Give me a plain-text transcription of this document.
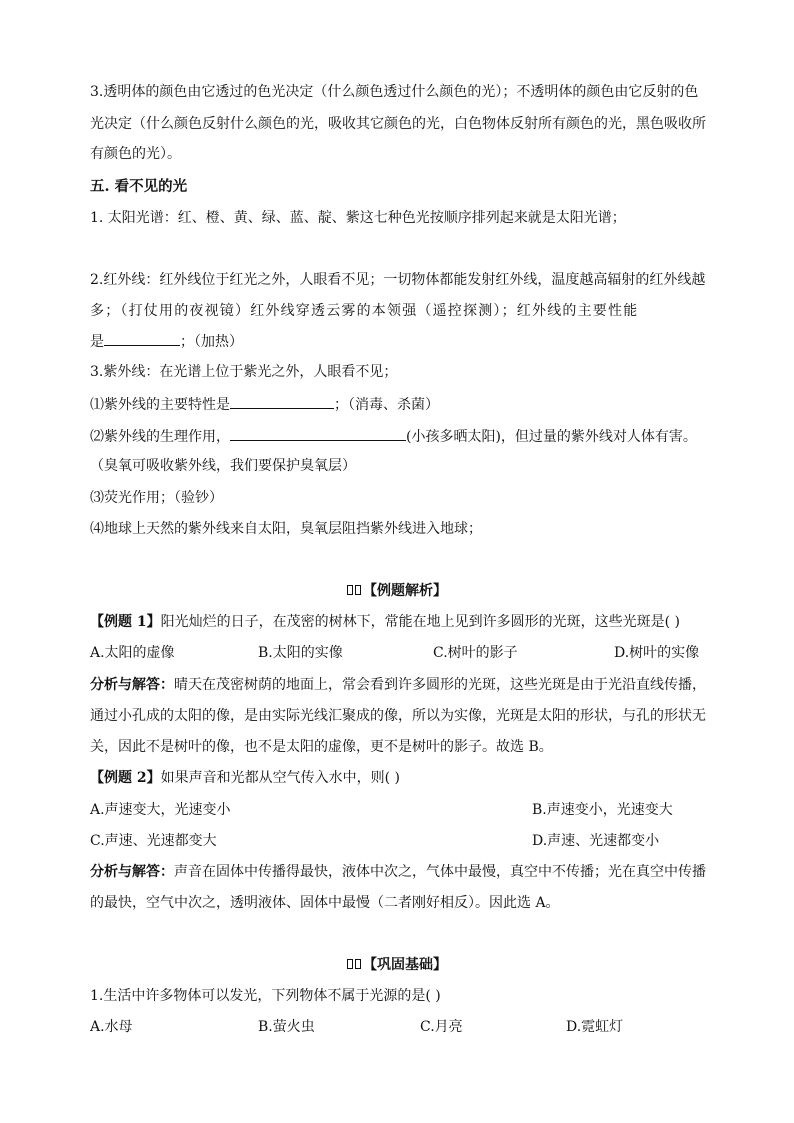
3.透明体的颜色由它透过的色光决定（什么颜色透过什么颜色的光）；不透明体的颜色由它反射的色
光决定（什么颜色反射什么颜色的光，吸收其它颜色的光，白色物体反射所有颜色的光，黑色吸收所
有颜色的光）。
五. 看不见的光
1. 太阳光谱：红、橙、黄、绿、蓝、靛、紫这七种色光按顺序排列起来就是太阳光谱；
2.红外线：红外线位于红光之外，人眼看不见；一切物体都能发射红外线，温度越高辐射的红外线越
多；（打仗用的夜视镜）红外线穿透云雾的本领强（遥控探测）；红外线的主要性能
是	；（加热）
3.紫外线：在光谱上位于紫光之外，人眼看不见；
⑴紫外线的主要特性是	；（消毒、杀菌）
⑵紫外线的生理作用，	(小孩多晒太阳)，但过量的紫外线对人体有害。
（臭氧可吸收紫外线，我们要保护臭氧层）
⑶荧光作用；（验钞）
⑷地球上天然的紫外线来自太阳，臭氧层阻挡紫外线进入地球；
【例题解析】
【例题 1】阳光灿烂的日子，在茂密的树林下，常能在地上见到许多圆形的光斑，这些光斑是( )
A.太阳的虚像	B.太阳的实像	C.树叶的影子	D.树叶的实像
分析与解答：晴天在茂密树荫的地面上，常会看到许多圆形的光斑，这些光斑是由于光沿直线传播，
通过小孔成的太阳的像，是由实际光线汇聚成的像，所以为实像，光斑是太阳的形状，与孔的形状无
关，因此不是树叶的像，也不是太阳的虚像，更不是树叶的影子。故选 B。
【例题 2】如果声音和光都从空气传入水中，则( )
A.声速变大，光速变小	B.声速变小，光速变大
C.声速、光速都变大	D.声速、光速都变小
分析与解答：声音在固体中传播得最快，液体中次之，气体中最慢，真空中不传播；光在真空中传播
的最快，空气中次之，透明液体、固体中最慢（二者刚好相反）。因此选 A。
【巩固基础】
1.生活中许多物体可以发光，下列物体不属于光源的是( )
A.水母	B.萤火虫	C.月亮	D.霓虹灯
